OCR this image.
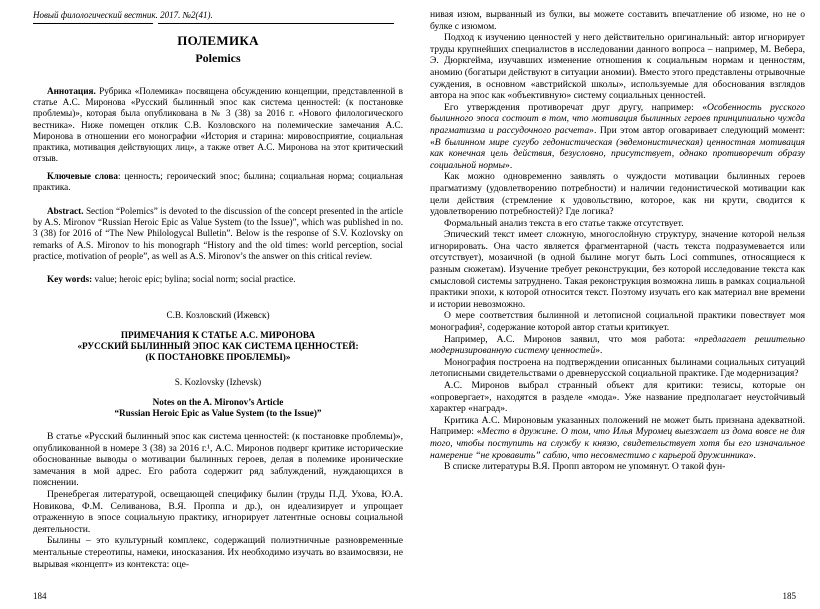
Новый филологический вестник. 2017. №2(41).
ПОЛЕМИКА
Polemics
Аннотация. Рубрика «Полемика» посвящена обсуждению концепции, представленной в статье А.С. Миронова «Русский былинный эпос как система ценностей: (к постановке проблемы)», которая была опубликована в № 3 (38) за 2016 г. «Нового филологического вестника». Ниже помещен отклик С.В. Козловского на полемические замечания А.С. Миронова в отношении его монографии «История и старина: мировосприятие, социальная практика, мотивация действующих лиц», а также ответ А.С. Миронова на этот критический отзыв.
Ключевые слова: ценность; героический эпос; былина; социальная норма; социальная практика.
Abstract. Section “Polemics” is devoted to the discussion of the concept presented in the article by A.S. Mironov “Russian Heroic Epic as Value System (to the Issue)”, which was published in no. 3 (38) for 2016 of “The New Philologycal Bulletin”. Below is the response of S.V. Kozlovsky on remarks of A.S. Mironov to his monograph “History and the old times: world perception, social practice, motivation of people”, as well as A.S. Mironov’s the answer on this critical review.
Key words: value; heroic epic; bylina; social norm; social practice.
С.В. Козловский (Ижевск)
ПРИМЕЧАНИЯ К СТАТЬЕ А.С. МИРОНОВА
«РУССКИЙ БЫЛИННЫЙ ЭПОС КАК СИСТЕМА ЦЕННОСТЕЙ:
(К ПОСТАНОВКЕ ПРОБЛЕМЫ)»
S. Kozlovsky (Izhevsk)
Notes on the A. Mironov’s Article
“Russian Heroic Epic as Value System (to the Issue)”
В статье «Русский былинный эпос как система ценностей: (к постановке проблемы)», опубликованной в номере 3 (38) за 2016 г.¹, А.С. Миронов подверг критике исторические обоснованные выводы о мотивации былинных героев, делая в полемике иронические замечания в мой адрес. Его работа содержит ряд заблуждений, нуждающихся в пояснении.
Пренебрегая литературой, освещающей специфику былин (труды П.Д. Ухова, Ю.А. Новикова, Ф.М. Селиванова, В.Я. Проппа и др.), он идеализирует и упрощает отраженную в эпосе социальную практику, игнорирует латентные основы социальной деятельности.
Былины – это культурный комплекс, содержащий полиэтничные разновременные ментальные стереотипы, намеки, иносказания. Их необходимо изучать во взаимосвязи, не вырывая «концепт» из контекста: оце-
184

нивая изюм, вырванный из булки, вы можете составить впечатление об изюме, но не о булке с изюмом.

Подход к изучению ценностей у него действительно оригинальный: автор игнорирует труды крупнейших специалистов в исследовании данного вопроса – например, М. Вебера, Э. Дюркгейма, изучавших изменение отношения к социальным нормам и ценностям, аномию (богатыри действуют в ситуации аномии). Вместо этого представлены отрывочные суждения, в основном «австрийской школы», используемые для обоснования взглядов автора на эпос как «объективную» систему социальных ценностей.

Его утверждения противоречат друг другу, например: «Особенность русского былинного эпоса состоит в том, что мотивация былинных героев принципиально чужда прагматизма и рассудочного расчета». При этом автор оговаривает следующий момент: «В былинном мире сугубо гедонистическая (эвдемонистическая) ценностная мотивация как конечная цель действия, безусловно, присутствует, однако противоречит образу социальной нормы».

Как можно одновременно заявлять о чуждости мотивации былинных героев прагматизму (удовлетворению потребности) и наличии гедонистической мотивации как цели действия (стремление к удовольствию, которое, как ни крути, сводится к удовлетворению потребностей)? Где логика?

Формальный анализ текста в его статье также отсутствует.

Эпический текст имеет сложную, многослойную структуру, значение которой нельзя игнорировать. Она часто является фрагментарной (часть текста подразумевается или отсутствует), мозаичной (в одной былине могут быть Loci communes, относящиеся к разным сюжетам). Изучение требует реконструкции, без которой исследование текста как смысловой системы затруднено. Такая реконструкция возможна лишь в рамках социальной практики эпохи, к которой относится текст. Поэтому изучать его как материал вне времени и истории невозможно.

О мере соответствия былинной и летописной социальной практики повествует моя монография², содержание которой автор статьи критикует.

Например, А.С. Миронов заявил, что моя работа: «предлагает решительно модернизированную систему ценностей».

Монография построена на подтверждении описанных былинами социальных ситуаций летописными свидетельствами о древнерусской социальной практике. Где модернизация?

А.С. Миронов выбрал странный объект для критики: тезисы, которые он «опровергает», находятся в разделе «мода». Уже название предполагает неустойчивый характер «наград».

Критика А.С. Мироновым указанных положений не может быть признана адекватной. Например: «Место в дружине. О том, что Илья Муромец выезжает из дома вовсе не для того, чтобы поступить на службу к князю, свидетельствует хотя бы его изначальное намерение “не кровавить” саблю, что несовместимо с карьерой дружинника».

В списке литературы В.Я. Пропп автором не упомянут. О такой фун-

185
